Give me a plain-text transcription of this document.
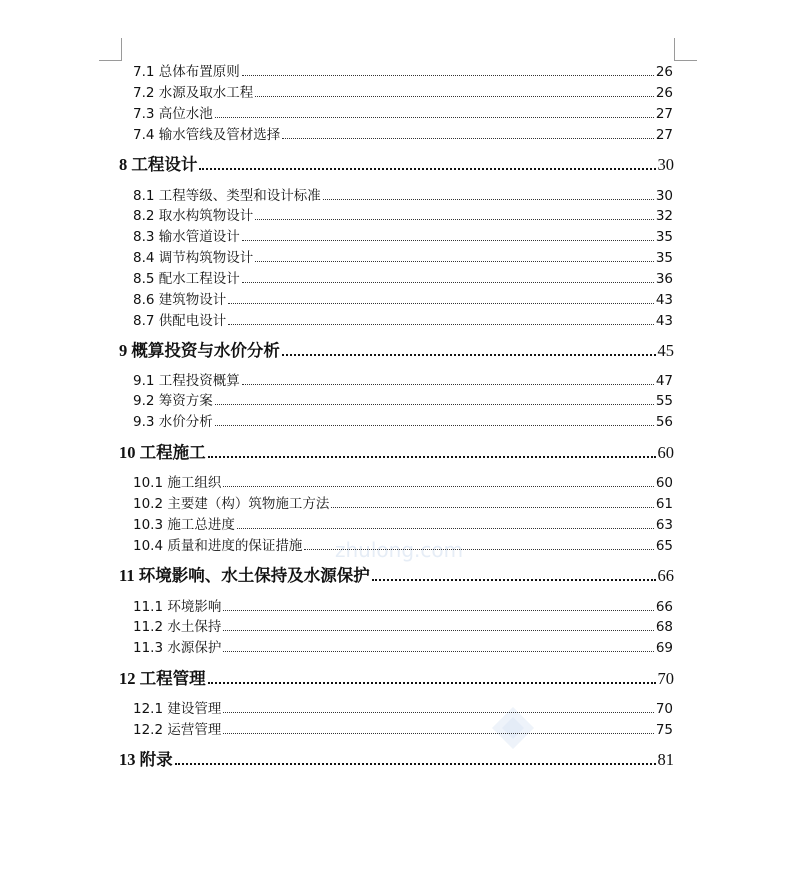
zhulong.com
7.1 总体布置原则	26
7.2 水源及取水工程	26
7.3 高位水池	27
7.4 输水管线及管材选择	27
8 工程设计	30
8.1 工程等级、类型和设计标准	30
8.2 取水构筑物设计	32
8.3 输水管道设计	35
8.4 调节构筑物设计	35
8.5 配水工程设计	36
8.6 建筑物设计	43
8.7 供配电设计	43
9 概算投资与水价分析	45
9.1 工程投资概算	47
9.2 筹资方案	55
9.3 水价分析	56
10 工程施工	60
10.1 施工组织	60
10.2 主要建（构）筑物施工方法	61
10.3 施工总进度	63
10.4 质量和进度的保证措施	65
11 环境影响、水土保持及水源保护	66
11.1 环境影响	66
11.2 水土保持	68
11.3 水源保护	69
12 工程管理	70
12.1 建设管理	70
12.2 运营管理	75
13 附录	81
